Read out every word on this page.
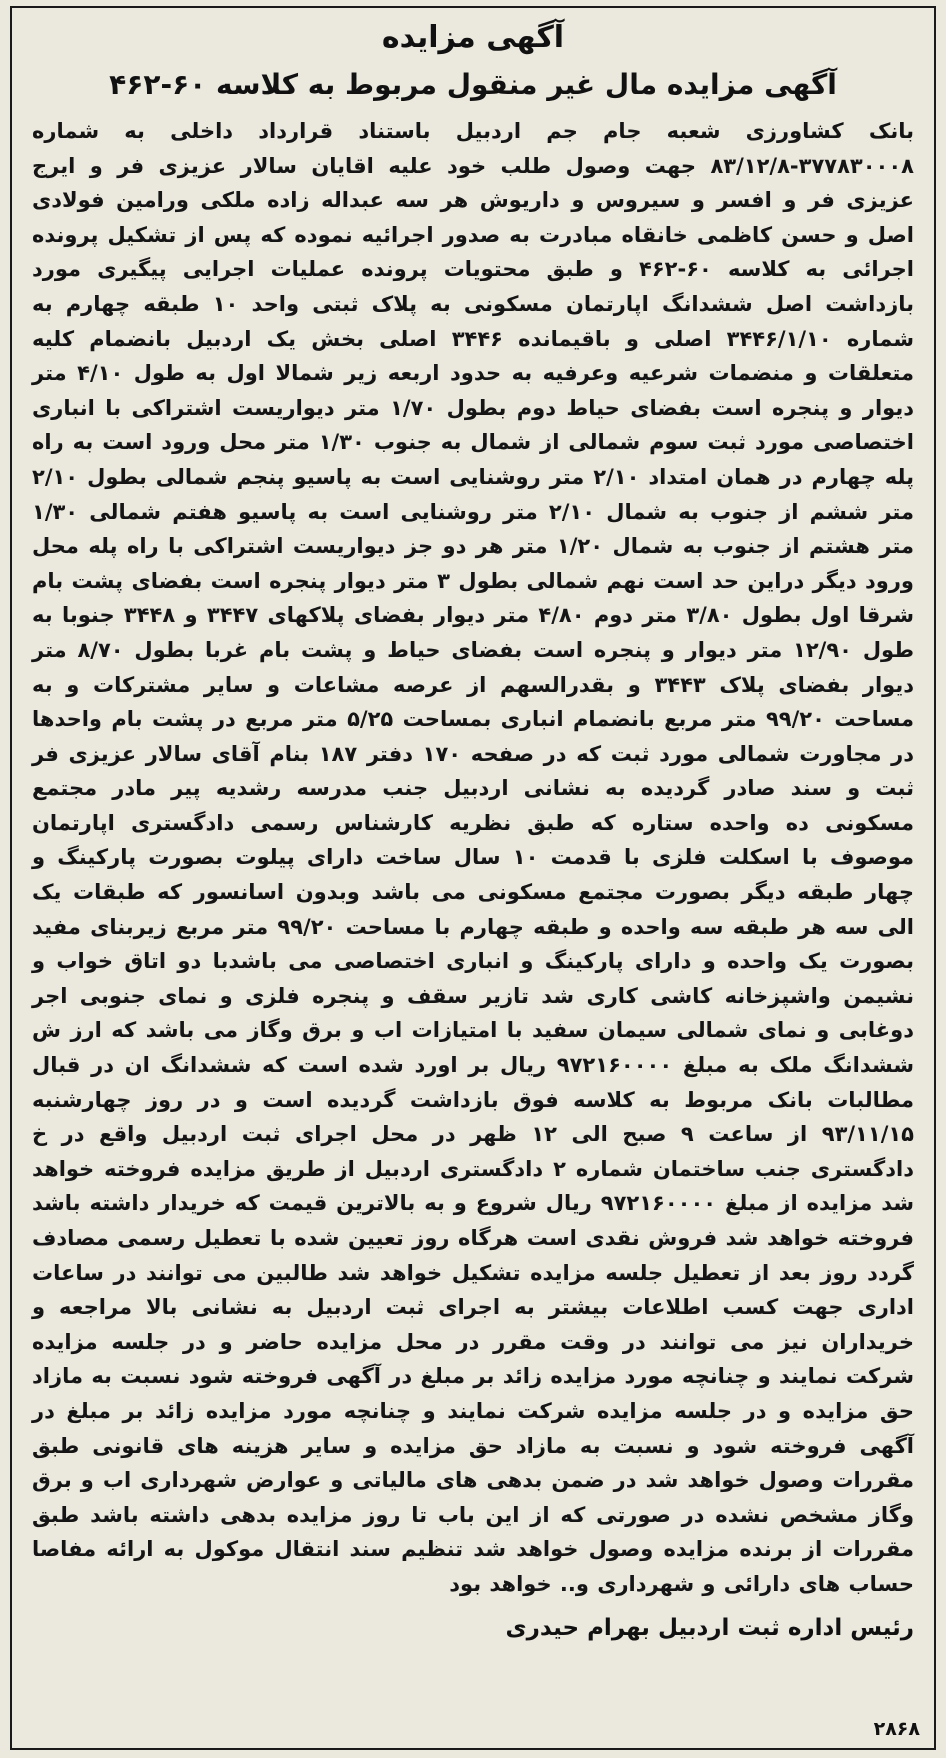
آگهی مزایده
آگهی مزایده مال غیر منقول مربوط به کلاسه ۶۰-۴۶۲

بانک کشاورزی شعبه جام جم اردبیل باستناد قرارداد داخلی به شماره ۳۷۷۸۳۰۰۰۸-۸۳/۱۲/۸ جهت وصول طلب خود علیه اقایان سالار عزیزی فر و ایرج عزیزی فر و افسر و سیروس و داریوش هر سه عبداله زاده ملکی ورامین فولادی اصل و حسن کاظمی خانقاه مبادرت به صدور اجرائیه نموده که پس از تشکیل پرونده اجرائی به کلاسه ۶۰-۴۶۲ و طبق محتویات پرونده عملیات اجرایی پیگیری مورد بازداشت اصل ششدانگ اپارتمان مسکونی به پلاک ثبتی واحد ۱۰ طبقه چهارم به شماره ۳۴۴۶/۱/۱۰ اصلی و باقیمانده ۳۴۴۶ اصلی بخش یک اردبیل بانضمام کلیه متعلقات و منضمات شرعیه وعرفیه به حدود اربعه زیر شمالا اول به طول ۴/۱۰ متر دیوار و پنجره است بفضای حیاط دوم بطول ۱/۷۰ متر دیواریست اشتراکی با انباری اختصاصی مورد ثبت سوم شمالی از شمال به جنوب ۱/۳۰ متر محل ورود است به راه پله چهارم در همان امتداد ۲/۱۰ متر روشنایی است به پاسیو پنجم شمالی بطول ۲/۱۰ متر ششم از جنوب به شمال ۲/۱۰ متر روشنایی است به پاسیو هفتم شمالی ۱/۳۰ متر هشتم از جنوب به شمال ۱/۲۰ متر هر دو جز دیواریست اشتراکی با راه پله محل ورود دیگر دراین حد است نهم شمالی بطول ۳ متر دیوار پنجره است بفضای پشت بام شرقا اول بطول ۳/۸۰ متر دوم ۴/۸۰ متر دیوار بفضای پلاکهای ۳۴۴۷ و ۳۴۴۸ جنوبا به طول ۱۲/۹۰ متر دیوار و پنجره است بفضای حیاط و پشت بام غربا بطول ۸/۷۰ متر دیوار بفضای پلاک ۳۴۴۳ و بقدرالسهم از عرصه مشاعات و سایر مشترکات و به مساحت ۹۹/۲۰ متر مربع بانضمام انباری بمساحت ۵/۲۵ متر مربع در پشت بام واحدها در مجاورت شمالی مورد ثبت که در صفحه ۱۷۰ دفتر ۱۸۷ بنام آقای سالار عزیزی فر ثبت و سند صادر گردیده به نشانی اردبیل جنب مدرسه رشدیه پیر مادر مجتمع مسکونی ده واحده ستاره که طبق نظریه کارشناس رسمی دادگستری اپارتمان موصوف با اسکلت فلزی با قدمت ۱۰ سال ساخت دارای پیلوت بصورت پارکینگ و چهار طبقه دیگر بصورت مجتمع مسکونی می باشد وبدون اسانسور که طبقات یک الی سه هر طبقه سه واحده و طبقه چهارم با مساحت ۹۹/۲۰ متر مربع زیربنای مفید بصورت یک واحده و دارای پارکینگ و انباری اختصاصی می باشدبا دو اتاق خواب و نشیمن واشپزخانه کاشی کاری شد تازیر سقف و پنجره فلزی و نمای جنوبی اجر دوغابی و نمای شمالی سیمان سفید با امتیازات اب و برق وگاز می باشد که ارز ش ششدانگ ملک به مبلغ ۹۷۲۱۶۰۰۰۰ ریال بر اورد شده است که ششدانگ ان در قبال مطالبات بانک مربوط به کلاسه فوق بازداشت گردیده است و در روز چهارشنبه ۹۳/۱۱/۱۵ از ساعت ۹ صبح الی ۱۲ ظهر در محل اجرای ثبت اردبیل واقع در خ دادگستری جنب ساختمان شماره ۲ دادگستری اردبیل از طریق مزایده فروخته خواهد شد مزایده از مبلغ ۹۷۲۱۶۰۰۰۰ ریال شروع و به بالاترین قیمت که خریدار داشته باشد فروخته خواهد شد فروش نقدی است هرگاه روز تعیین شده با تعطیل رسمی مصادف گردد روز بعد از تعطیل جلسه مزایده تشکیل خواهد شد طالبین می توانند در ساعات اداری جهت کسب اطلاعات بیشتر به اجرای ثبت اردبیل به نشانی بالا مراجعه و خریداران نیز می توانند در وقت مقرر در محل مزایده حاضر و در جلسه مزایده شرکت نمایند و چنانچه مورد مزایده زائد بر مبلغ در آگهی فروخته شود نسبت به مازاد حق مزایده و در جلسه مزایده شرکت نمایند و چنانچه مورد مزایده زائد بر مبلغ در آگهی فروخته شود و نسبت به مازاد حق مزایده و سایر هزینه های قانونی طبق مقررات وصول خواهد شد در ضمن بدهی های مالیاتی و عوارض شهرداری اب و برق وگاز مشخص نشده در صورتی که از این باب تا روز مزایده بدهی داشته باشد طبق مقررات از برنده مزایده وصول خواهد شد تنظیم سند انتقال موکول به ارائه مفاصا حساب های دارائی و شهرداری و.. خواهد بود

رئیس اداره ثبت اردبیل بهرام حیدری
۲۸۶۸
